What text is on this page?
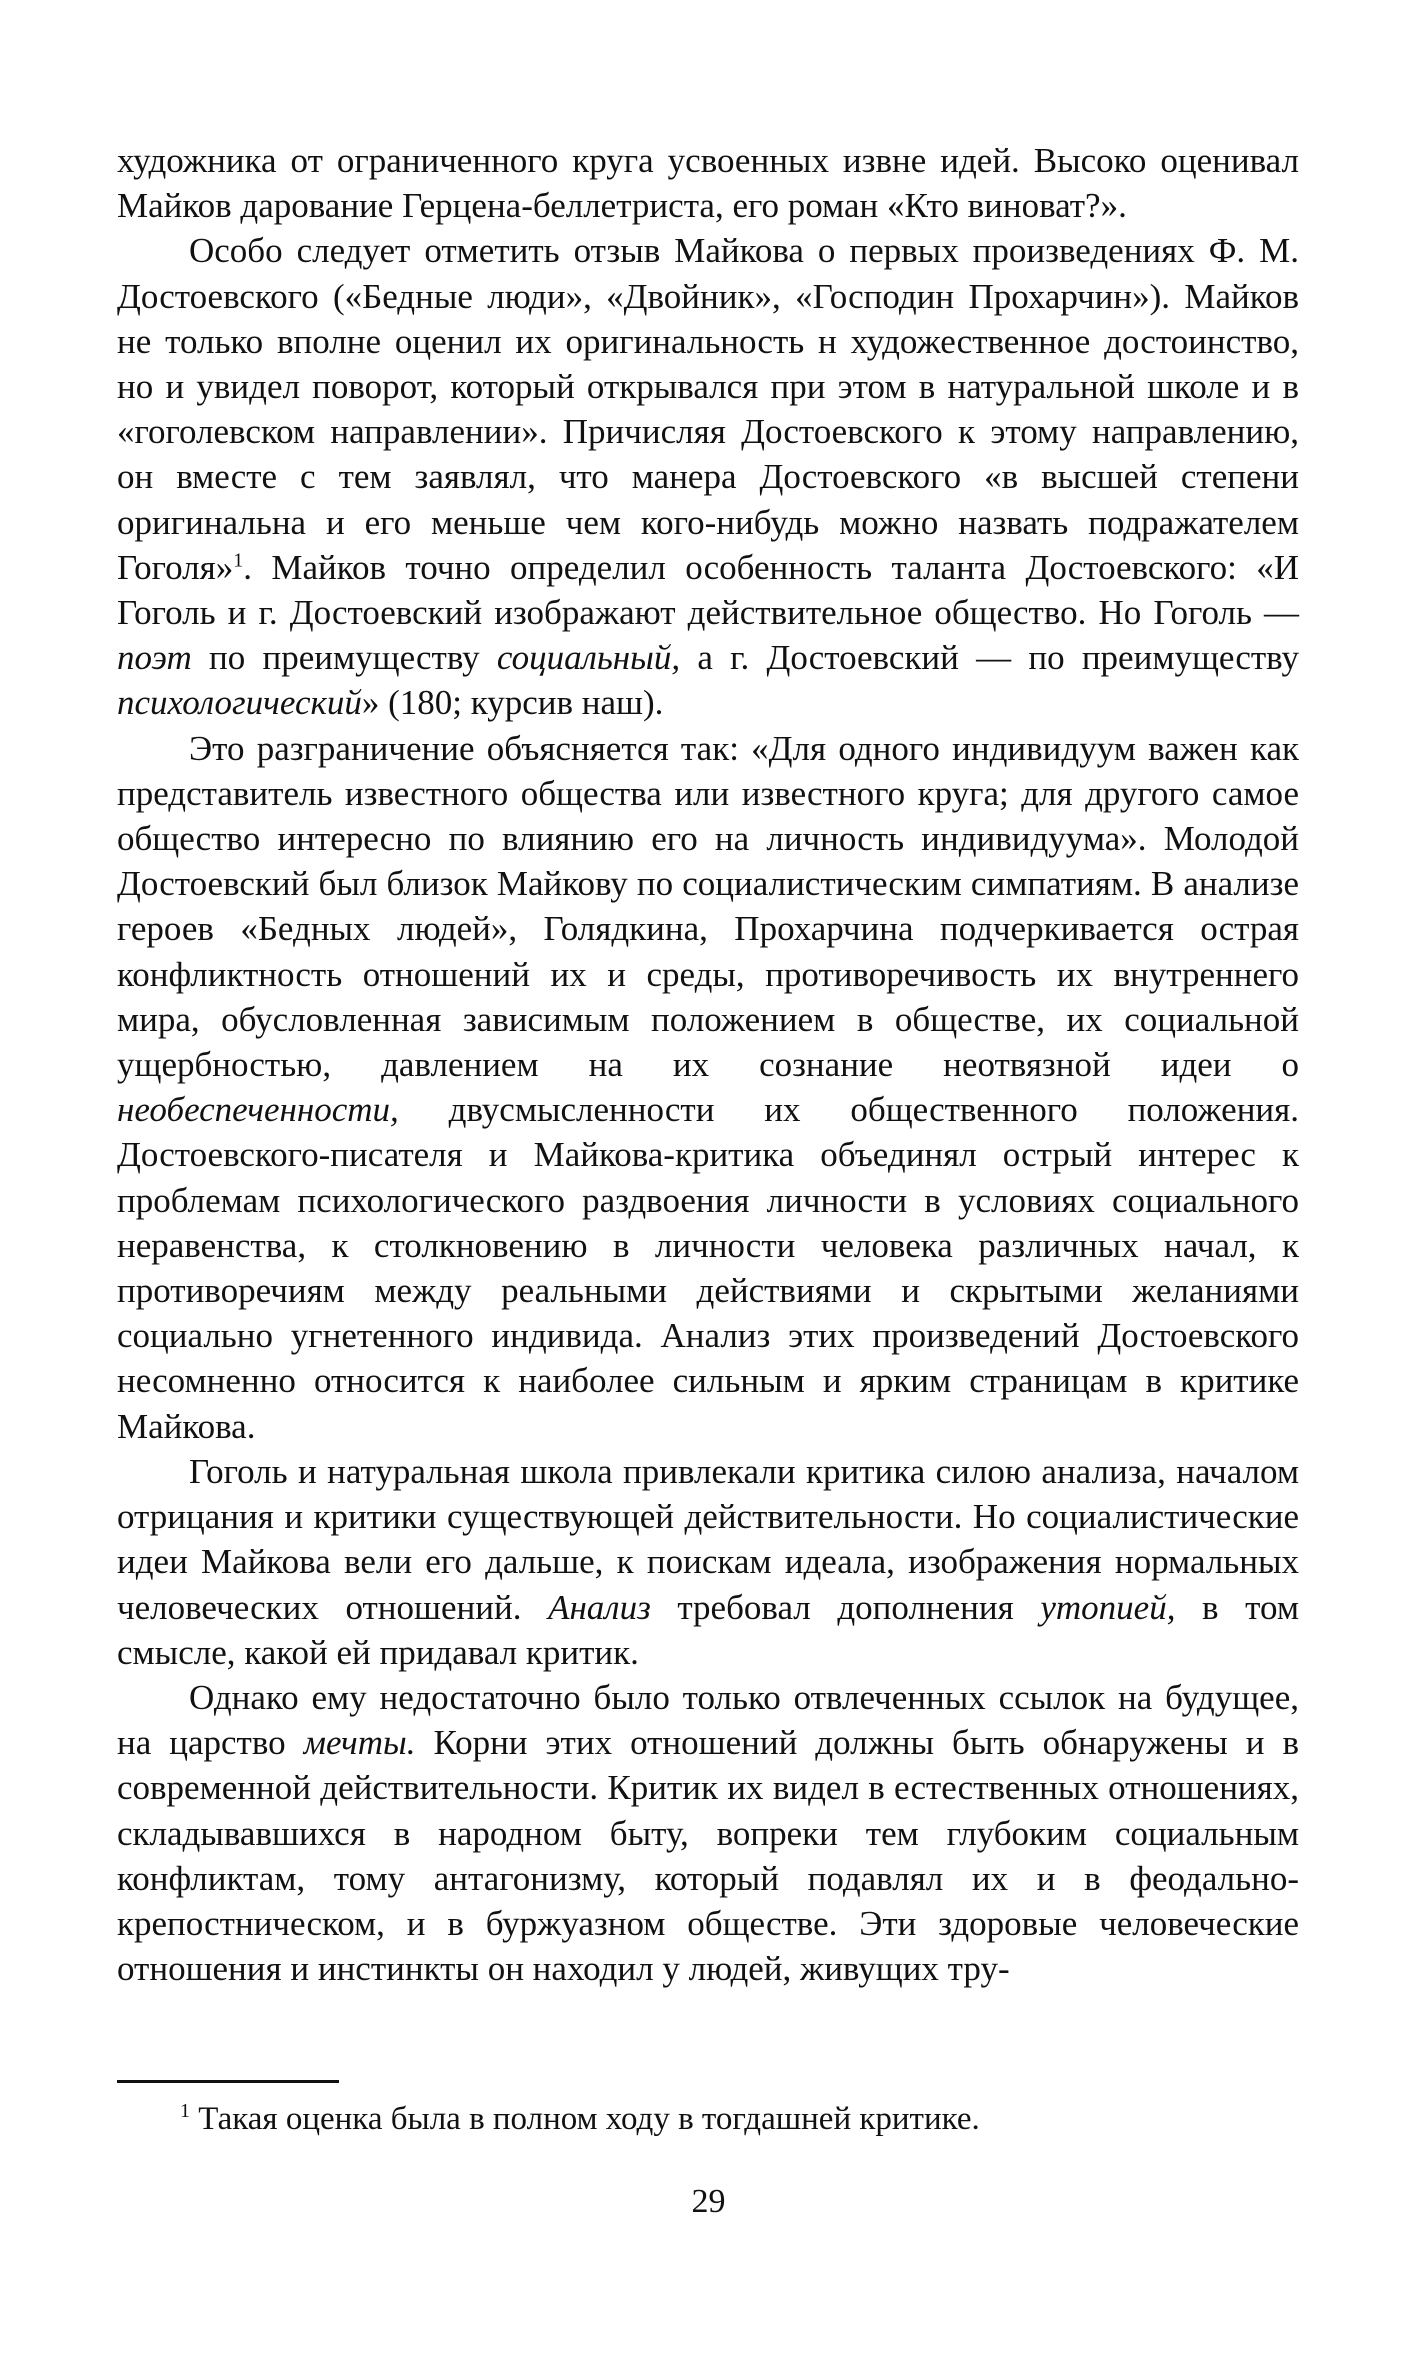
художника от ограниченного круга усвоенных извне идей. Высоко оценивал Майков дарование Герцена-беллетриста, его роман «Кто виноват?».

Особо следует отметить отзыв Майкова о первых произведениях Ф. М. Достоевского («Бедные люди», «Двойник», «Господин Прохарчин»). Майков не только вполне оценил их оригинальность н художественное достоинство, но и увидел поворот, который открывался при этом в натуральной школе и в «гоголевском направлении». Причисляя Достоевского к этому направлению, он вместе с тем заявлял, что манера Достоевского «в высшей степени оригинальна и его меньше чем кого-нибудь можно назвать подражателем Гоголя»$^1$. Майков точно определил особенность таланта Достоевского: «И Гоголь и г. Достоевский изображают действительное общество. Но Гоголь — поэт по преимуществу социальный, а г. Достоевский — по преимуществу психологический» (180; курсив наш).

Это разграничение объясняется так: «Для одного индивидуум важен как представитель известного общества или известного круга; для другого самое общество интересно по влиянию его на личность индивидуума». Молодой Достоевский был близок Майкову по социалистическим симпатиям. В анализе героев «Бедных людей», Голядкина, Прохарчина подчеркивается острая конфликтность отношений их и среды, противоречивость их внутреннего мира, обусловленная зависимым положением в обществе, их социальной ущербностью, давлением на их сознание неотвязной идеи о необеспеченности, двусмысленности их общественного положения. Достоевского-писателя и Майкова-критика объединял острый интерес к проблемам психологического раздвоения личности в условиях социального неравенства, к столкновению в личности человека различных начал, к противоречиям между реальными действиями и скрытыми желаниями социально угнетенного индивида. Анализ этих произведений Достоевского несомненно относится к наиболее сильным и ярким страницам в критике Майкова.

Гоголь и натуральная школа привлекали критика силою анализа, началом отрицания и критики существующей действительности. Но социалистические идеи Майкова вели его дальше, к поискам идеала, изображения нормальных человеческих отношений. Анализ требовал дополнения утопией, в том смысле, какой ей придавал критик.

Однако ему недостаточно было только отвлеченных ссылок на будущее, на царство мечты. Корни этих отношений должны быть обнаружены и в современной действительности. Критик их видел в естественных отношениях, складывавшихся в народном быту, вопреки тем глубоким социальным конфликтам, тому антагонизму, который подавлял их и в феодально-крепостническом, и в буржуазном обществе. Эти здоровые человеческие отношения и инстинкты он находил у людей, живущих тру-

$^1$ Такая оценка была в полном ходу в тогдашней критике.

29
